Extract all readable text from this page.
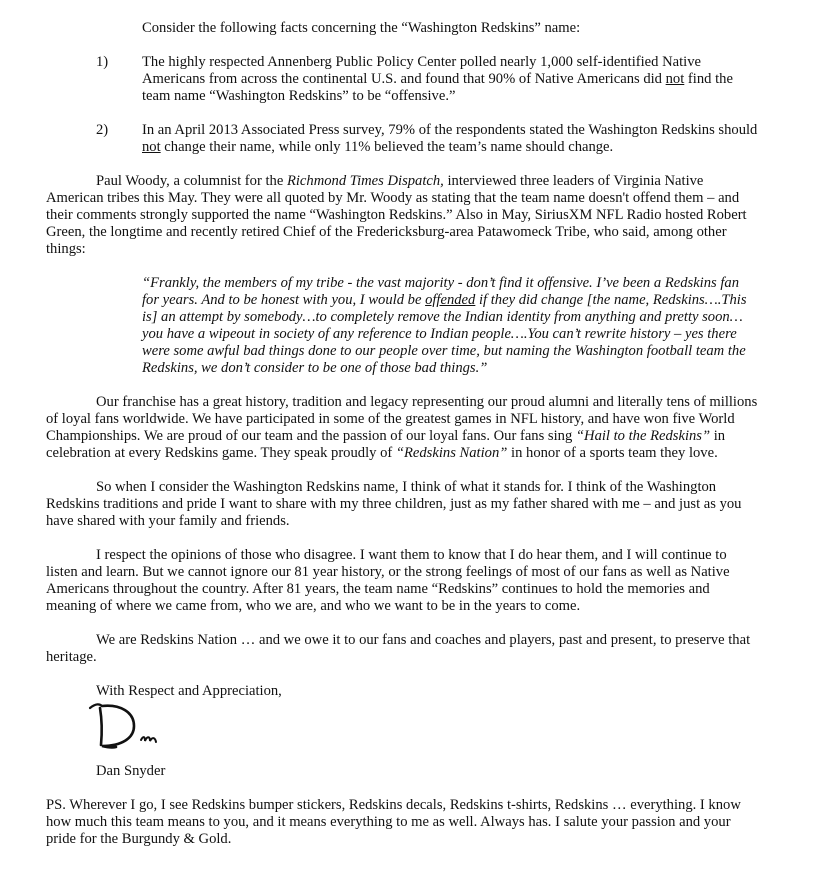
Consider the following facts concerning the “Washington Redskins” name:
1) The highly respected Annenberg Public Policy Center polled nearly 1,000 self-identified Native
Americans from across the continental U.S. and found that 90% of Native Americans did not find the
team name “Washington Redskins” to be “offensive.”
2) In an April 2013 Associated Press survey, 79% of the respondents stated the Washington Redskins should
not change their name, while only 11% believed the team’s name should change.
Paul Woody, a columnist for the Richmond Times Dispatch, interviewed three leaders of Virginia Native
American tribes this May. They were all quoted by Mr. Woody as stating that the team name doesn't offend them – and
their comments strongly supported the name “Washington Redskins.” Also in May, SiriusXM NFL Radio hosted Robert
Green, the longtime and recently retired Chief of the Fredericksburg-area Patawomeck Tribe, who said, among other
things:
“Frankly, the members of my tribe - the vast majority - don’t find it offensive. I’ve been a Redskins fan
for years. And to be honest with you, I would be offended if they did change [the name, Redskins….This
is] an attempt by somebody…to completely remove the Indian identity from anything and pretty soon…
you have a wipeout in society of any reference to Indian people….You can’t rewrite history – yes there
were some awful bad things done to our people over time, but naming the Washington football team the
Redskins, we don’t consider to be one of those bad things.”
Our franchise has a great history, tradition and legacy representing our proud alumni and literally tens of millions
of loyal fans worldwide. We have participated in some of the greatest games in NFL history, and have won five World
Championships. We are proud of our team and the passion of our loyal fans. Our fans sing “Hail to the Redskins” in
celebration at every Redskins game. They speak proudly of “Redskins Nation” in honor of a sports team they love.
So when I consider the Washington Redskins name, I think of what it stands for. I think of the Washington
Redskins traditions and pride I want to share with my three children, just as my father shared with me – and just as you
have shared with your family and friends.
I respect the opinions of those who disagree. I want them to know that I do hear them, and I will continue to
listen and learn. But we cannot ignore our 81 year history, or the strong feelings of most of our fans as well as Native
Americans throughout the country. After 81 years, the team name “Redskins” continues to hold the memories and
meaning of where we came from, who we are, and who we want to be in the years to come.
We are Redskins Nation … and we owe it to our fans and coaches and players, past and present, to preserve that
heritage.
With Respect and Appreciation,
Dan Snyder
PS. Wherever I go, I see Redskins bumper stickers, Redskins decals, Redskins t-shirts, Redskins … everything. I know
how much this team means to you, and it means everything to me as well. Always has. I salute your passion and your
pride for the Burgundy & Gold.
